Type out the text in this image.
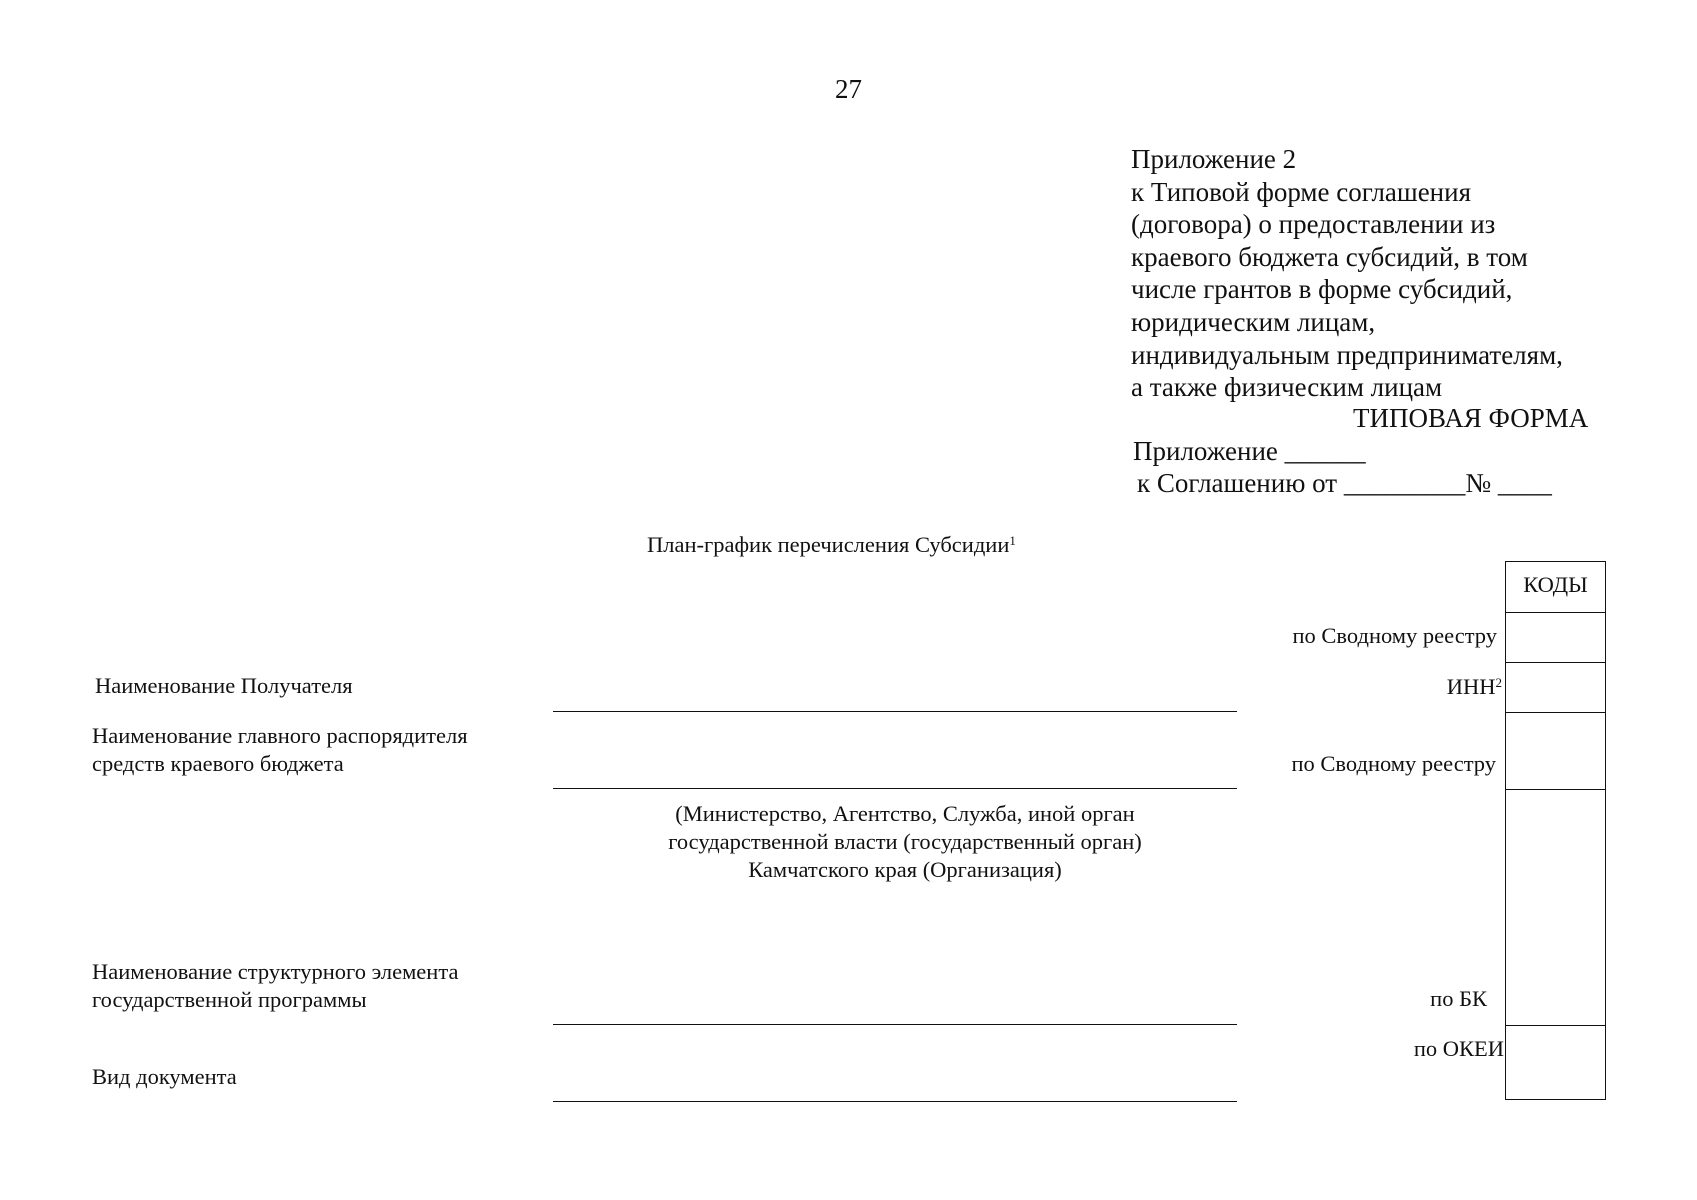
27
Приложение 2
к Типовой форме соглашения
(договора) о предоставлении из
краевого бюджета субсидий, в том
числе грантов в форме субсидий,
юридическим лицам,
индивидуальным предпринимателям,
а также физическим лицам
ТИПОВАЯ ФОРМА
Приложение ______
к Соглашению от _________№ ____
План-график перечисления Субсидии$^1$
Наименование Получателя
Наименование главного распорядителя
средств краевого бюджета
Наименование структурного элемента
государственной программы
Вид документа
(Министерство, Агентство, Служба, иной орган
государственной власти (государственный орган)
Камчатского края (Организация)
по Сводному реестру
ИНН$^2$
по Сводному реестру
по БК
по ОКЕИ
КОДЫ
